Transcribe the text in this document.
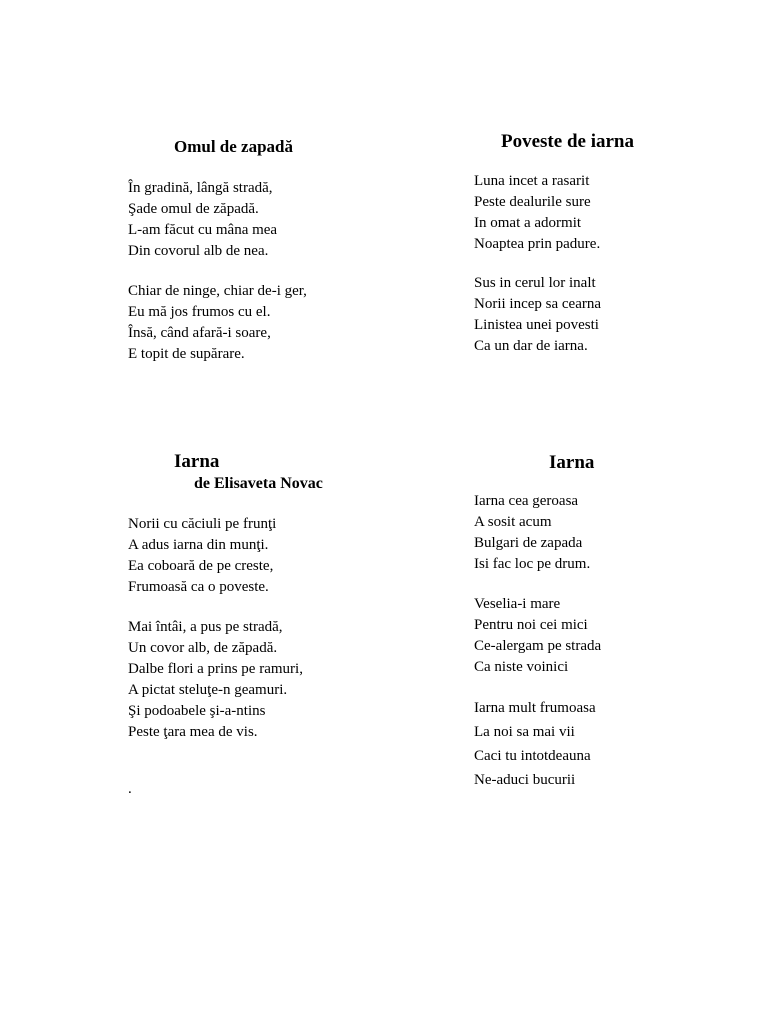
Omul de zapadă
În gradină, lângă stradă,
Şade omul de zăpadă.
L-am făcut cu mâna mea
Din covorul alb de nea.
Chiar de ninge, chiar de-i ger,
Eu mă jos frumos cu el.
Însă, când afară-i soare,
E topit de supărare.
Poveste de iarna
Luna incet a rasarit
Peste dealurile sure
In omat a adormit
Noaptea prin padure.
Sus in cerul lor inalt
Norii incep sa cearna
Linistea unei povesti
Ca un dar de iarna.
Iarna
de Elisaveta Novac
Norii cu căciuli pe frunţi
A adus iarna din munţi.
Ea coboară de pe creste,
Frumoasă ca o poveste.
Mai întâi, a pus pe stradă,
Un covor alb, de zăpadă.
Dalbe flori a prins pe ramuri,
A pictat steluţe-n geamuri.
Şi podoabele şi-a-ntins
Peste ţara mea de vis.
Iarna
Iarna cea geroasa
A sosit acum
Bulgari de zapada
Isi fac loc pe drum.
Veselia-i mare
Pentru noi cei mici
Ce-alergam pe strada
Ca niste voinici
Iarna mult frumoasa
La noi sa mai vii
Caci tu intotdeauna
Ne-aduci bucurii
.
